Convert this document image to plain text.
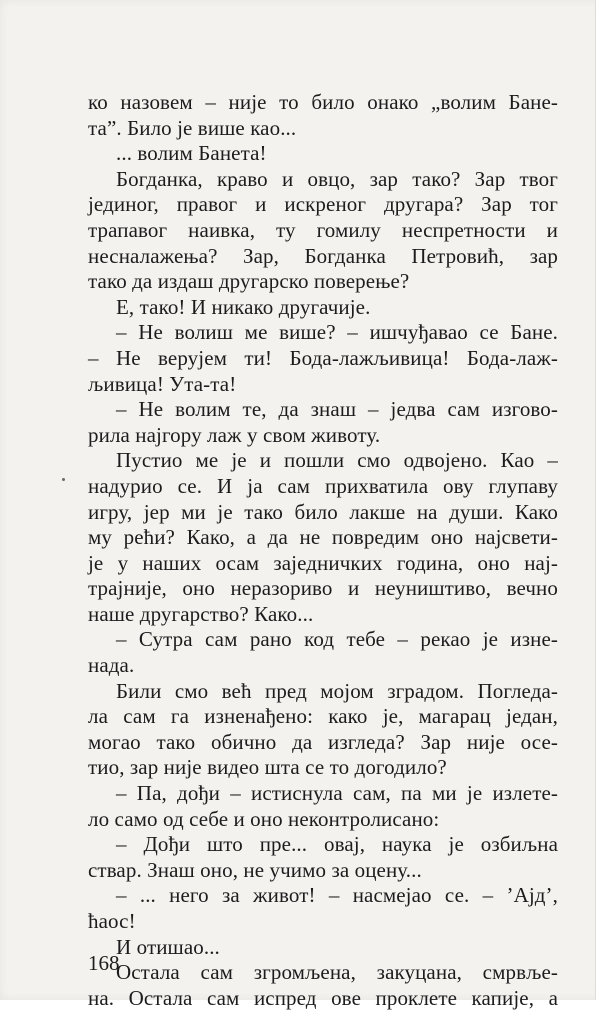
ко назовем – није то било онако „волим Бане-
та”. Било је више као...
... волим Банета!
Богданка, краво и овцо, зар тако? Зар твог
јединог, правог и искреног другара? Зар тог
трапавог наивка, ту гомилу неспретности и
несналажења? Зар, Богданка Петровић, зар
тако да издаш другарско поверење?
Е, тако! И никако другачије.
– Не волиш ме више? – ишчуђавао се Бане.
– Не верујем ти! Бода-лажљивица! Бода-лаж-
љивица! Ута-та!
– Не волим те, да знаш – једва сам изгово-
рила најгору лаж у свом животу.
Пустио ме је и пошли смо одвојено. Као –
надурио се. И ја сам прихватила ову глупаву
игру, јер ми је тако било лакше на души. Како
му рећи? Како, а да не повредим оно најсвети-
је у наших осам заједничких година, оно нај-
трајније, оно неразориво и неуништиво, вечно
наше другарство? Како...
– Сутра сам рано код тебе – рекао је изне-
нада.
Били смо већ пред мојом зградом. Погледа-
ла сам га изненађено: како је, магарац један,
могао тако обично да изгледа? Зар није осе-
тио, зар није видео шта се то догодило?
– Па, дођи – истиснула сам, па ми је излете-
ло само од себе и оно неконтролисано:
– Дођи што пре... овај, наука је озбиљна
ствар. Знаш оно, не учимо за оцену...
– ... него за живот! – насмејао се. – ’Ајд’,
ћаос!
И отишао...
Остала сам згромљена, закуцана, смрвље-
на. Остала сам испред ове проклете капије, а
168
